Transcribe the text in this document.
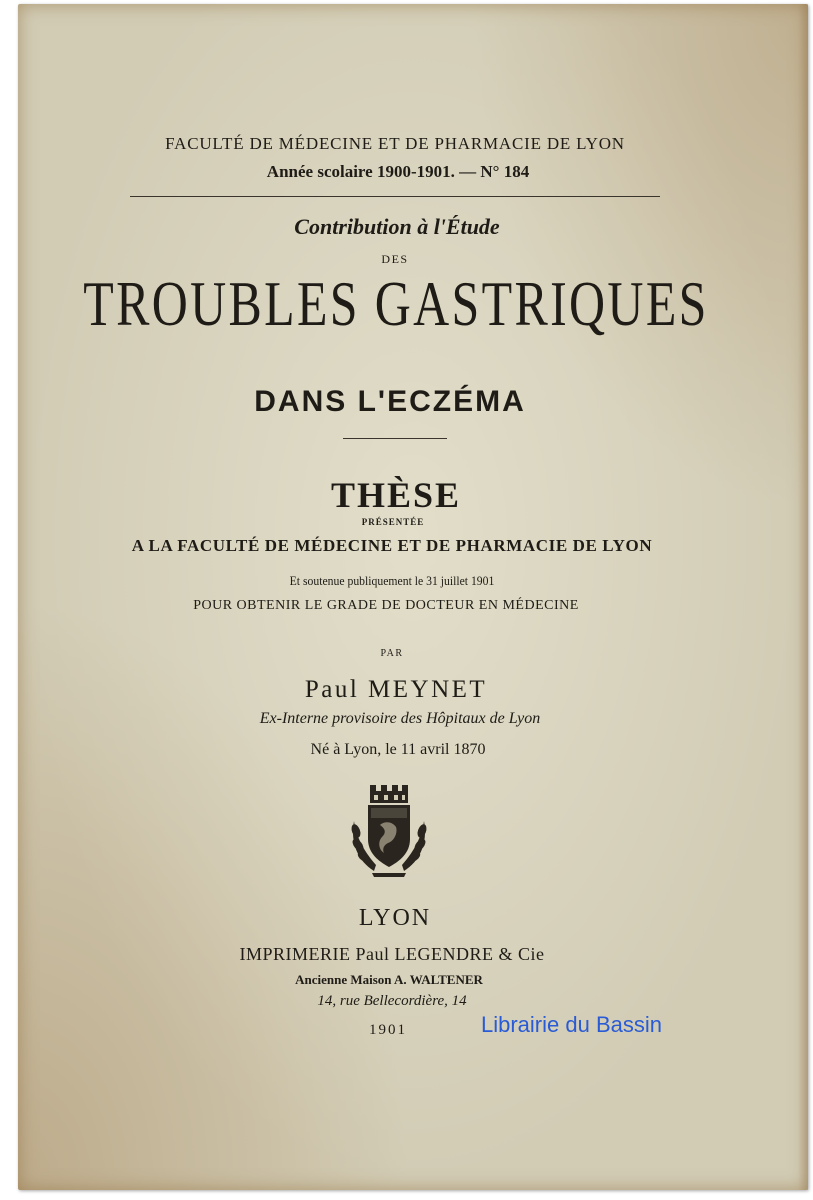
FACULTÉ DE MÉDECINE ET DE PHARMACIE DE LYON
Année scolaire 1900-1901. — N° 184
Contribution à l'Étude
DES
TROUBLES GASTRIQUES
DANS L'ECZÉMA
THÈSE
PRÉSENTÉE
A LA FACULTÉ DE MÉDECINE ET DE PHARMACIE DE LYON
Et soutenue publiquement le 31 juillet 1901
POUR OBTENIR LE GRADE DE DOCTEUR EN MÉDECINE
PAR
Paul MEYNET
Ex-Interne provisoire des Hôpitaux de Lyon
Né à Lyon, le 11 avril 1870
LYON
IMPRIMERIE Paul LEGENDRE & Cie
Ancienne Maison A. WALTENER
14, rue Bellecordière, 14
1901	Librairie du Bassin
